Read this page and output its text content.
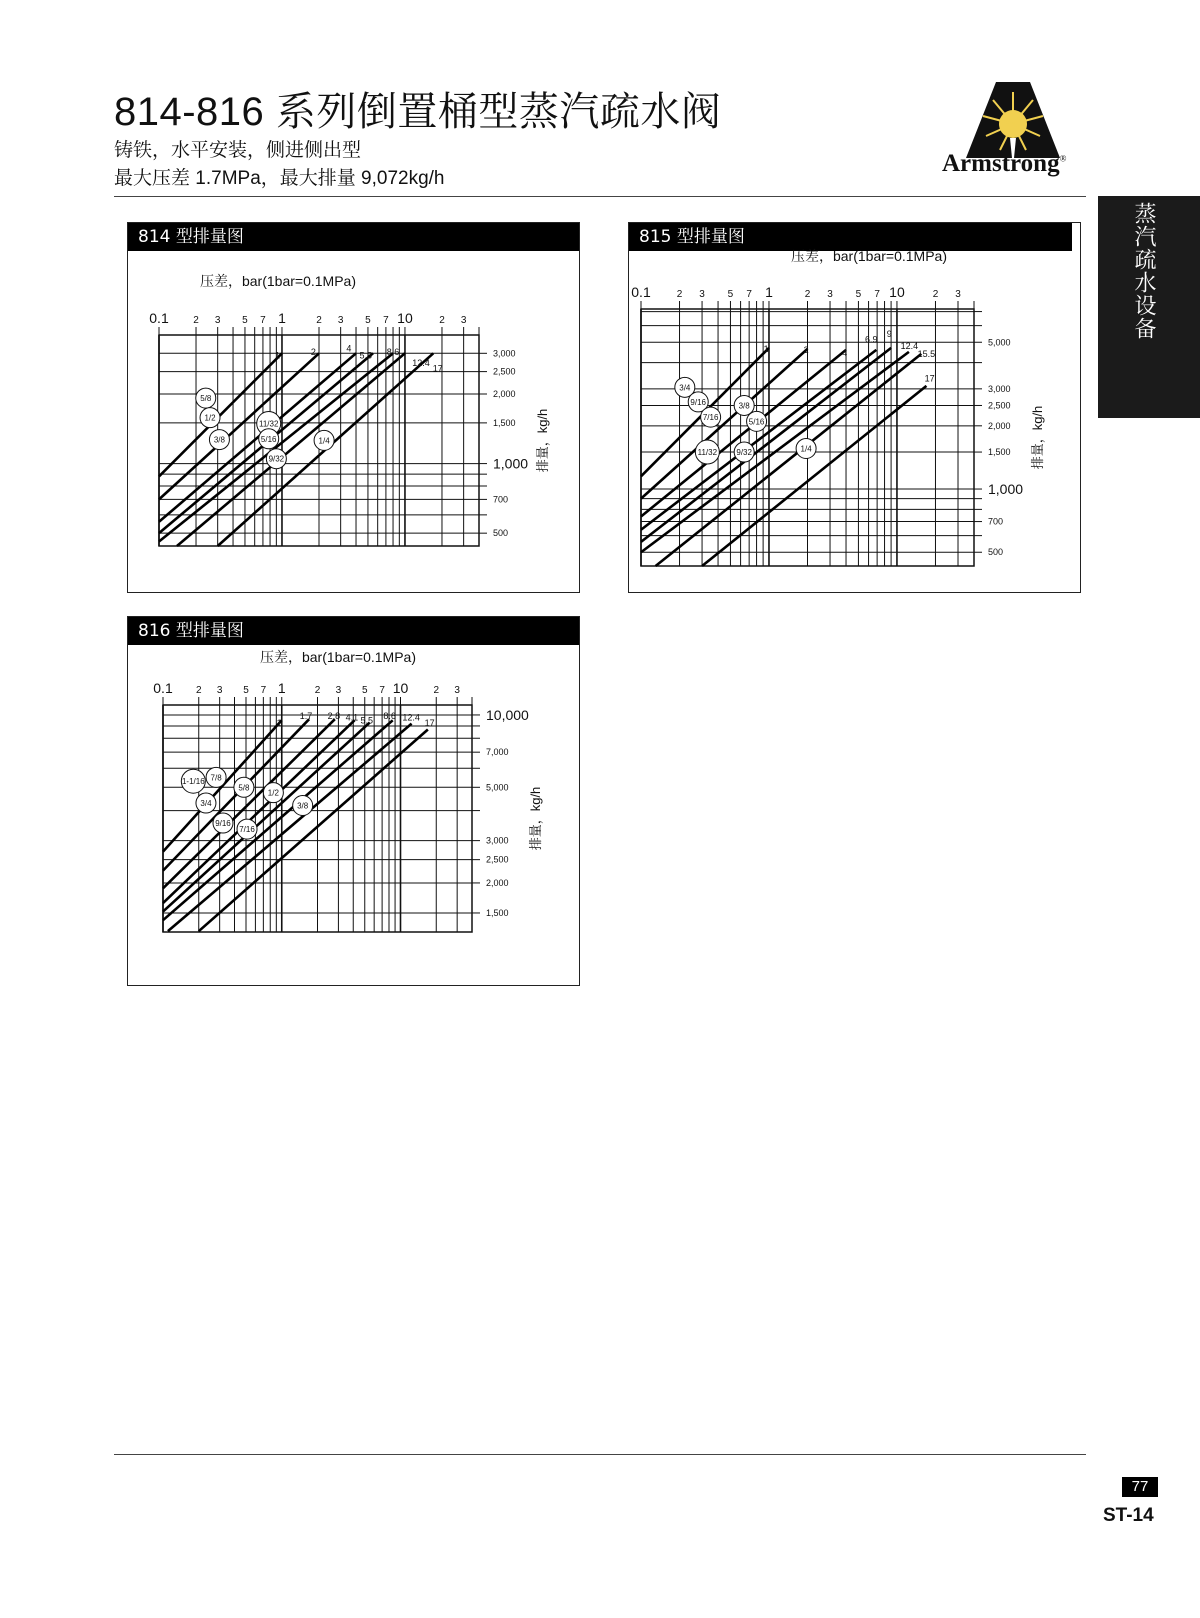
814-816 系列倒置桶型蒸汽疏水阀
铸铁，水平安装，侧进侧出型
最大压差 1.7MPa，最大排量 9,072kg/h
Armstrong®
蒸汽疏水设备
814 型排量图
压差，bar(1bar=0.1MPa)
0.1 2 3 5 7 1	2 3 5 7 10	2 3
3,000
2,500
2,000
1,500
1,000
700
500
排量，kg/h
1	2	4
5.5 8.6
12.4
17
5/8
1/2
3/8
11/32
5/16
9/32
1/4
815 型排量图
压差，bar(1bar=0.1MPa)
0.1	2 3 5 7 1	2 3 5 7 10	2 3
5,000
3,000
2,500
2,000
1,500
1,000
700
500
排量，kg/h
1	2	4
6.9
9
12.4
15.5
17
3/4
9/16
7/16
3/8
5/16
11/32 9/32	1/4
816 型排量图
压差，bar(1bar=0.1MPa)
0.1 2 3 5 7 1	2 3 5 7 10	2 3
10,000
7,000
5,000
3,000
2,500
2,000
1,500
排量，kg/h
1
1.7 2.8 4.1 5.5 8.6 12.4
17
1-1/16 7/8
3/4
5/8
1/2
3/8
9/16
7/16
77
ST-14
